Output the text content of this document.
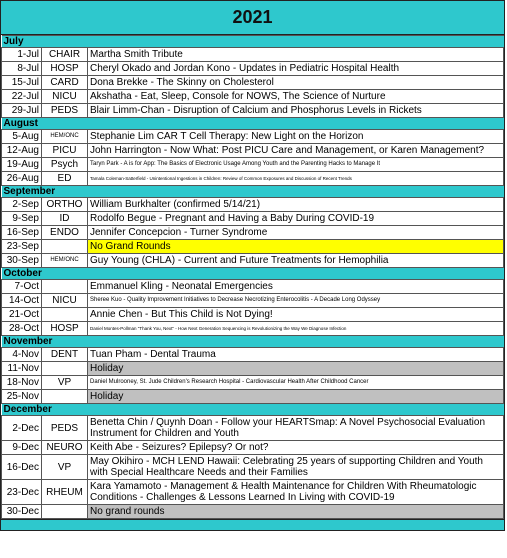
2021
July		
1-Jul	CHAIR	Martha Smith Tribute
8-Jul	HOSP	Cheryl Okado and Jordan Kono - Updates in Pediatric Hospital Health
15-Jul	CARD	Dona Brekke - The Skinny on Cholesterol
22-Jul	NICU	Akshatha - Eat, Sleep, Console for NOWS, The Science of Nurture
29-Jul	PEDS	Blair Limm-Chan - Disruption of Calcium and Phosphorus Levels in Rickets
August		
5-Aug	HEM/ONC	Stephanie Lim CAR T Cell Therapy: New Light on the Horizon
12-Aug	PICU	John Harrington - Now What: Post PICU Care and Management, or Karen Management?
19-Aug	Psych	Taryn Park - A is for App: The Basics of Electronic Usage Among Youth and the Parenting Hacks to Manage It
26-Aug	ED	Tamala Coleman-Satterfield - Unintentional Ingestions in Children: Review of Common Exposures and Discussion of Recent Trends
September		
2-Sep	ORTHO	William Burkhalter (confirmed 5/14/21)
9-Sep	ID	Rodolfo Begue - Pregnant and Having a Baby During COVID-19
16-Sep	ENDO	Jennifer Concepcion - Turner Syndrome
23-Sep		No Grand Rounds
30-Sep	HEM/ONC	Guy Young (CHLA) - Current and Future Treatments for Hemophilia
October		
7-Oct		Emmanuel Kling - Neonatal Emergencies
14-Oct	NICU	Sheree Kuo - Quality Improvement Initiatives to Decrease Necrotizing Enterocolitis - A Decade Long Odyssey
21-Oct		Annie Chen - But This Child is Not Dying!
28-Oct	HOSP	Daniel Montes-Pollman "Thank You, Next" - How Next Generation Sequencing is Revolutionizing the Way We Diagnose Infection
November		
4-Nov	DENT	Tuan Pham - Dental Trauma
11-Nov		Holiday
18-Nov	VP	Daniel Mulrooney, St. Jude Children's Research Hospital - Cardiovascular Health After Childhood Cancer
25-Nov		Holiday
December		
2-Dec	PEDS	Benetta Chin / Quynh Doan - Follow your HEARTSmap: A Novel Psychosocial Evaluation Instrument for Children and Youth
9-Dec	NEURO	Keith Abe - Seizures? Epilepsy? Or not?
16-Dec	VP	May Okihiro - MCH LEND Hawaii: Celebrating 25 years of supporting Children and Youth with Special Healthcare Needs and their Families
23-Dec	RHEUM	Kara Yamamoto - Management & Health Maintenance for Children With Rheumatologic Conditions - Challenges & Lessons Learned In Living with COVID-19
30-Dec		No grand rounds
